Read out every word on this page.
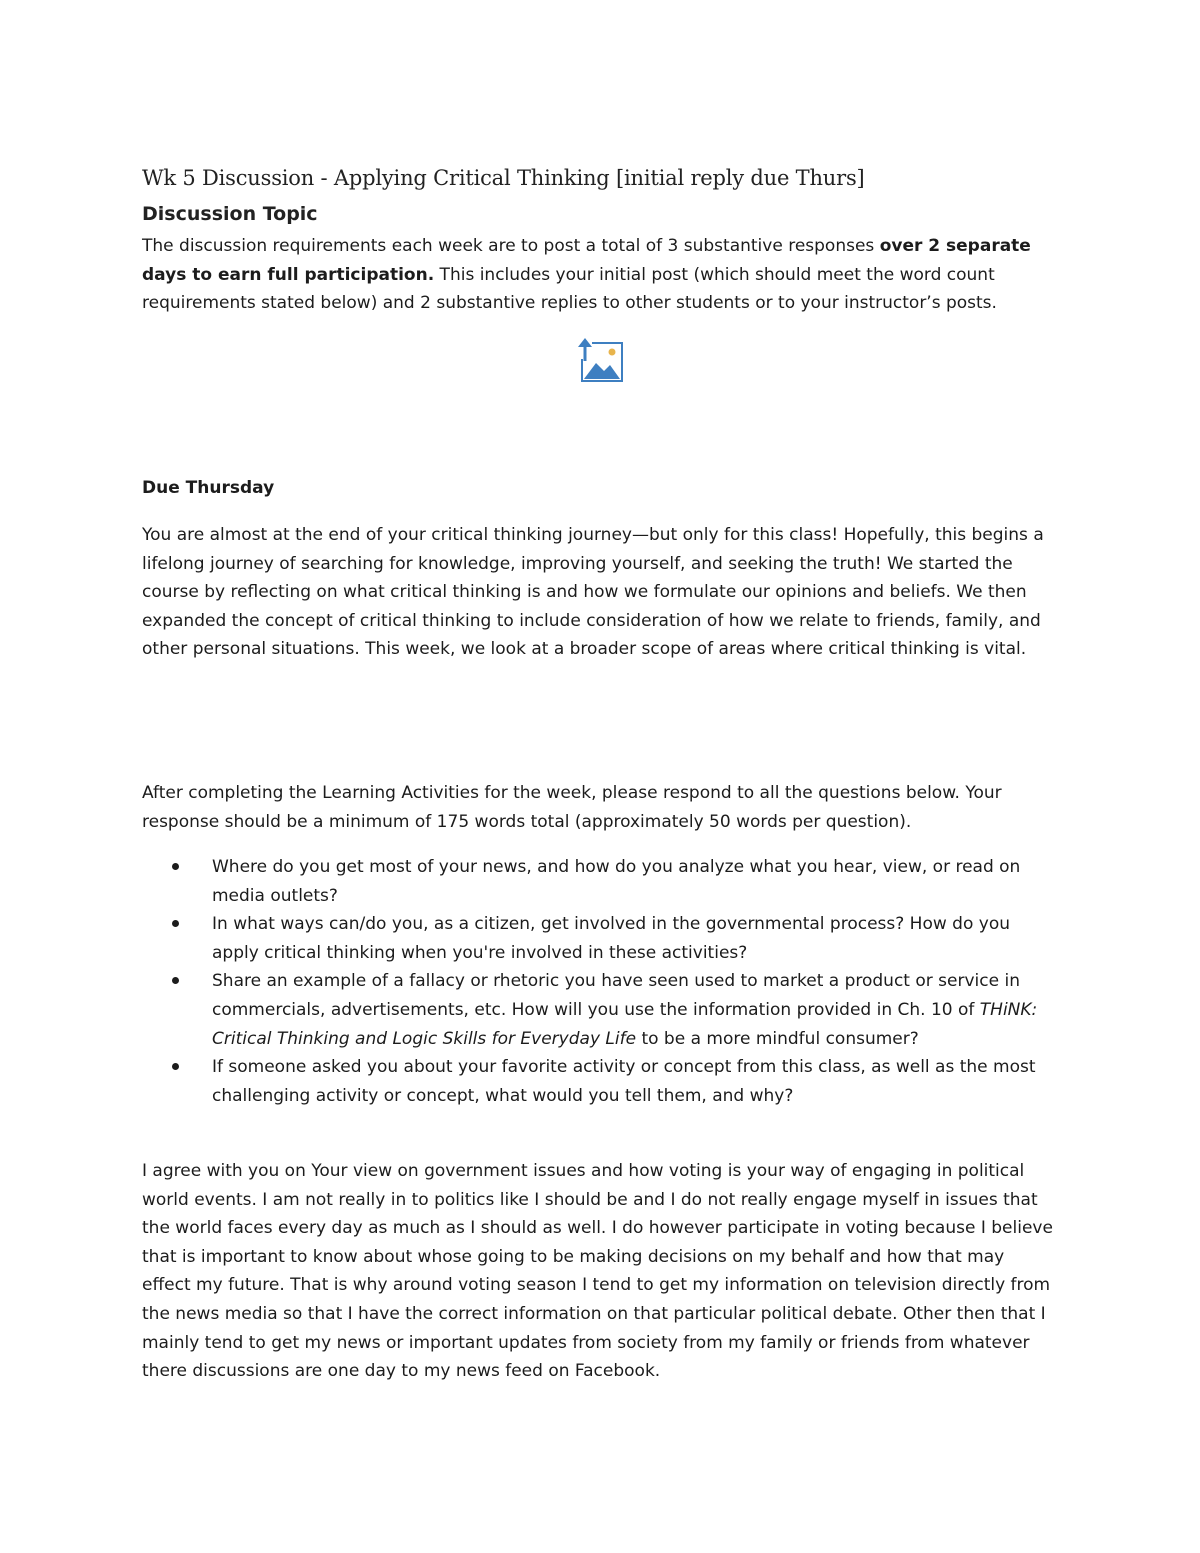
Wk 5 Discussion - Applying Critical Thinking [initial reply due Thurs]
Discussion Topic
The discussion requirements each week are to post a total of 3 substantive responses over 2 separate days to earn full participation. This includes your initial post (which should meet the word count requirements stated below) and 2 substantive replies to other students or to your instructor’s posts.
Due Thursday
You are almost at the end of your critical thinking journey—but only for this class! Hopefully, this begins a lifelong journey of searching for knowledge, improving yourself, and seeking the truth! We started the course by reflecting on what critical thinking is and how we formulate our opinions and beliefs. We then expanded the concept of critical thinking to include consideration of how we relate to friends, family, and other personal situations. This week, we look at a broader scope of areas where critical thinking is vital.
After completing the Learning Activities for the week, please respond to all the questions below. Your response should be a minimum of 175 words total (approximately 50 words per question).
Where do you get most of your news, and how do you analyze what you hear, view, or read on media outlets?
In what ways can/do you, as a citizen, get involved in the governmental process? How do you apply critical thinking when you're involved in these activities?
Share an example of a fallacy or rhetoric you have seen used to market a product or service in commercials, advertisements, etc. How will you use the information provided in Ch. 10 of THiNK: Critical Thinking and Logic Skills for Everyday Life to be a more mindful consumer?
If someone asked you about your favorite activity or concept from this class, as well as the most challenging activity or concept, what would you tell them, and why?
I agree with you on Your view on government issues and how voting is your way of engaging in political world events. I am not really in to politics like I should be and I do not really engage myself in issues that the world faces every day as much as I should as well. I do however participate in voting because I believe that is important to know about whose going to be making decisions on my behalf and how that may effect my future. That is why around voting season I tend to get my information on television directly from the news media so that I have the correct information on that particular political debate. Other then that I mainly tend to get my news or important updates from society from my family or friends from whatever there discussions are one day to my news feed on Facebook.
